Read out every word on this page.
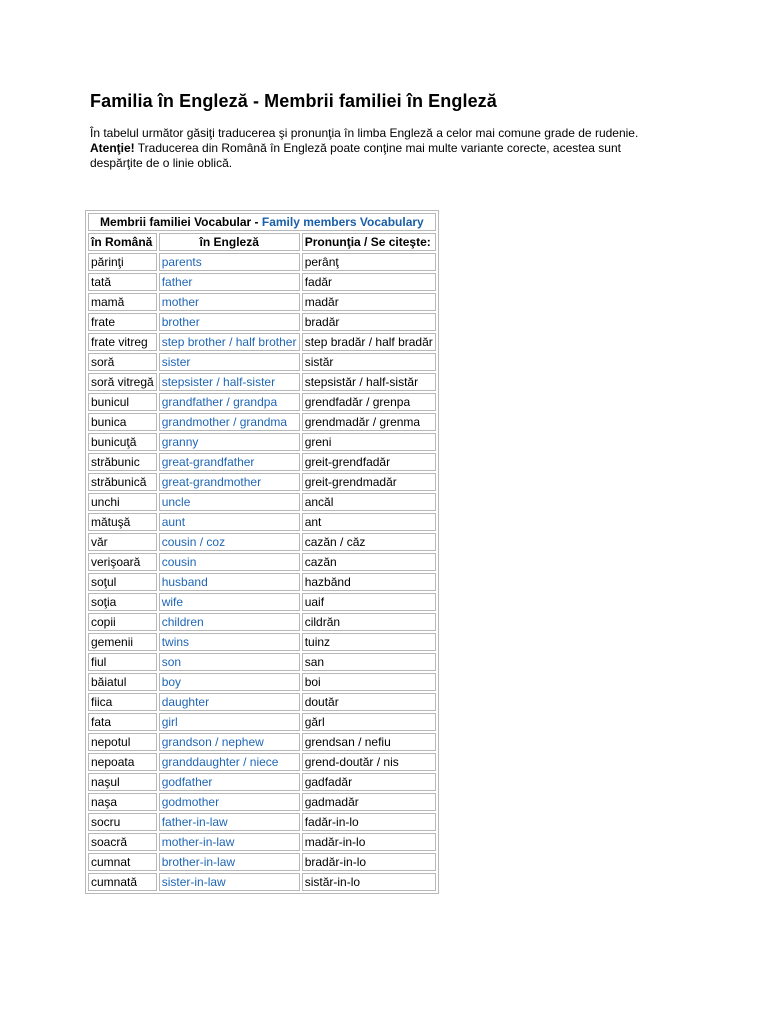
Familia în Engleză - Membrii familiei în Engleză
În tabelul următor găsiţi traducerea şi pronunţia în limba Engleză a celor mai comune grade de rudenie.
Atenţie! Traducerea din Română în Engleză poate conţine mai multe variante corecte, acestea sunt
despărţite de o linie oblică.
Membrii familiei Vocabular - Family members Vocabulary		
în Română	în Engleză	Pronunţia / Se citeşte:
părinţi	parents	perânţ
tată	father	fadăr
mamă	mother	madăr
frate	brother	bradăr
frate vitreg	step brother / half brother	step bradăr / half bradăr
soră	sister	sistăr
soră vitregă	stepsister / half-sister	stepsistăr / half-sistăr
bunicul	grandfather / grandpa	grendfadăr / grenpa
bunica	grandmother / grandma	grendmadăr / grenma
bunicuţă	granny	greni
străbunic	great-grandfather	greit-grendfadăr
străbunică	great-grandmother	greit-grendmadăr
unchi	uncle	ancăl
mătuşă	aunt	ant
văr	cousin / coz	cazăn / căz
verişoară	cousin	cazăn
soţul	husband	hazbănd
soţia	wife	uaif
copii	children	cildrăn
gemenii	twins	tuinz
fiul	son	san
băiatul	boy	boi
fiica	daughter	doutăr
fata	girl	gărl
nepotul	grandson / nephew	grendsan / nefiu
nepoata	granddaughter / niece	grend-doutăr / nis
naşul	godfather	gadfadăr
naşa	godmother	gadmadăr
socru	father-in-law	fadăr-in-lo
soacră	mother-in-law	madăr-in-lo
cumnat	brother-in-law	bradăr-in-lo
cumnată	sister-in-law	sistăr-in-lo
